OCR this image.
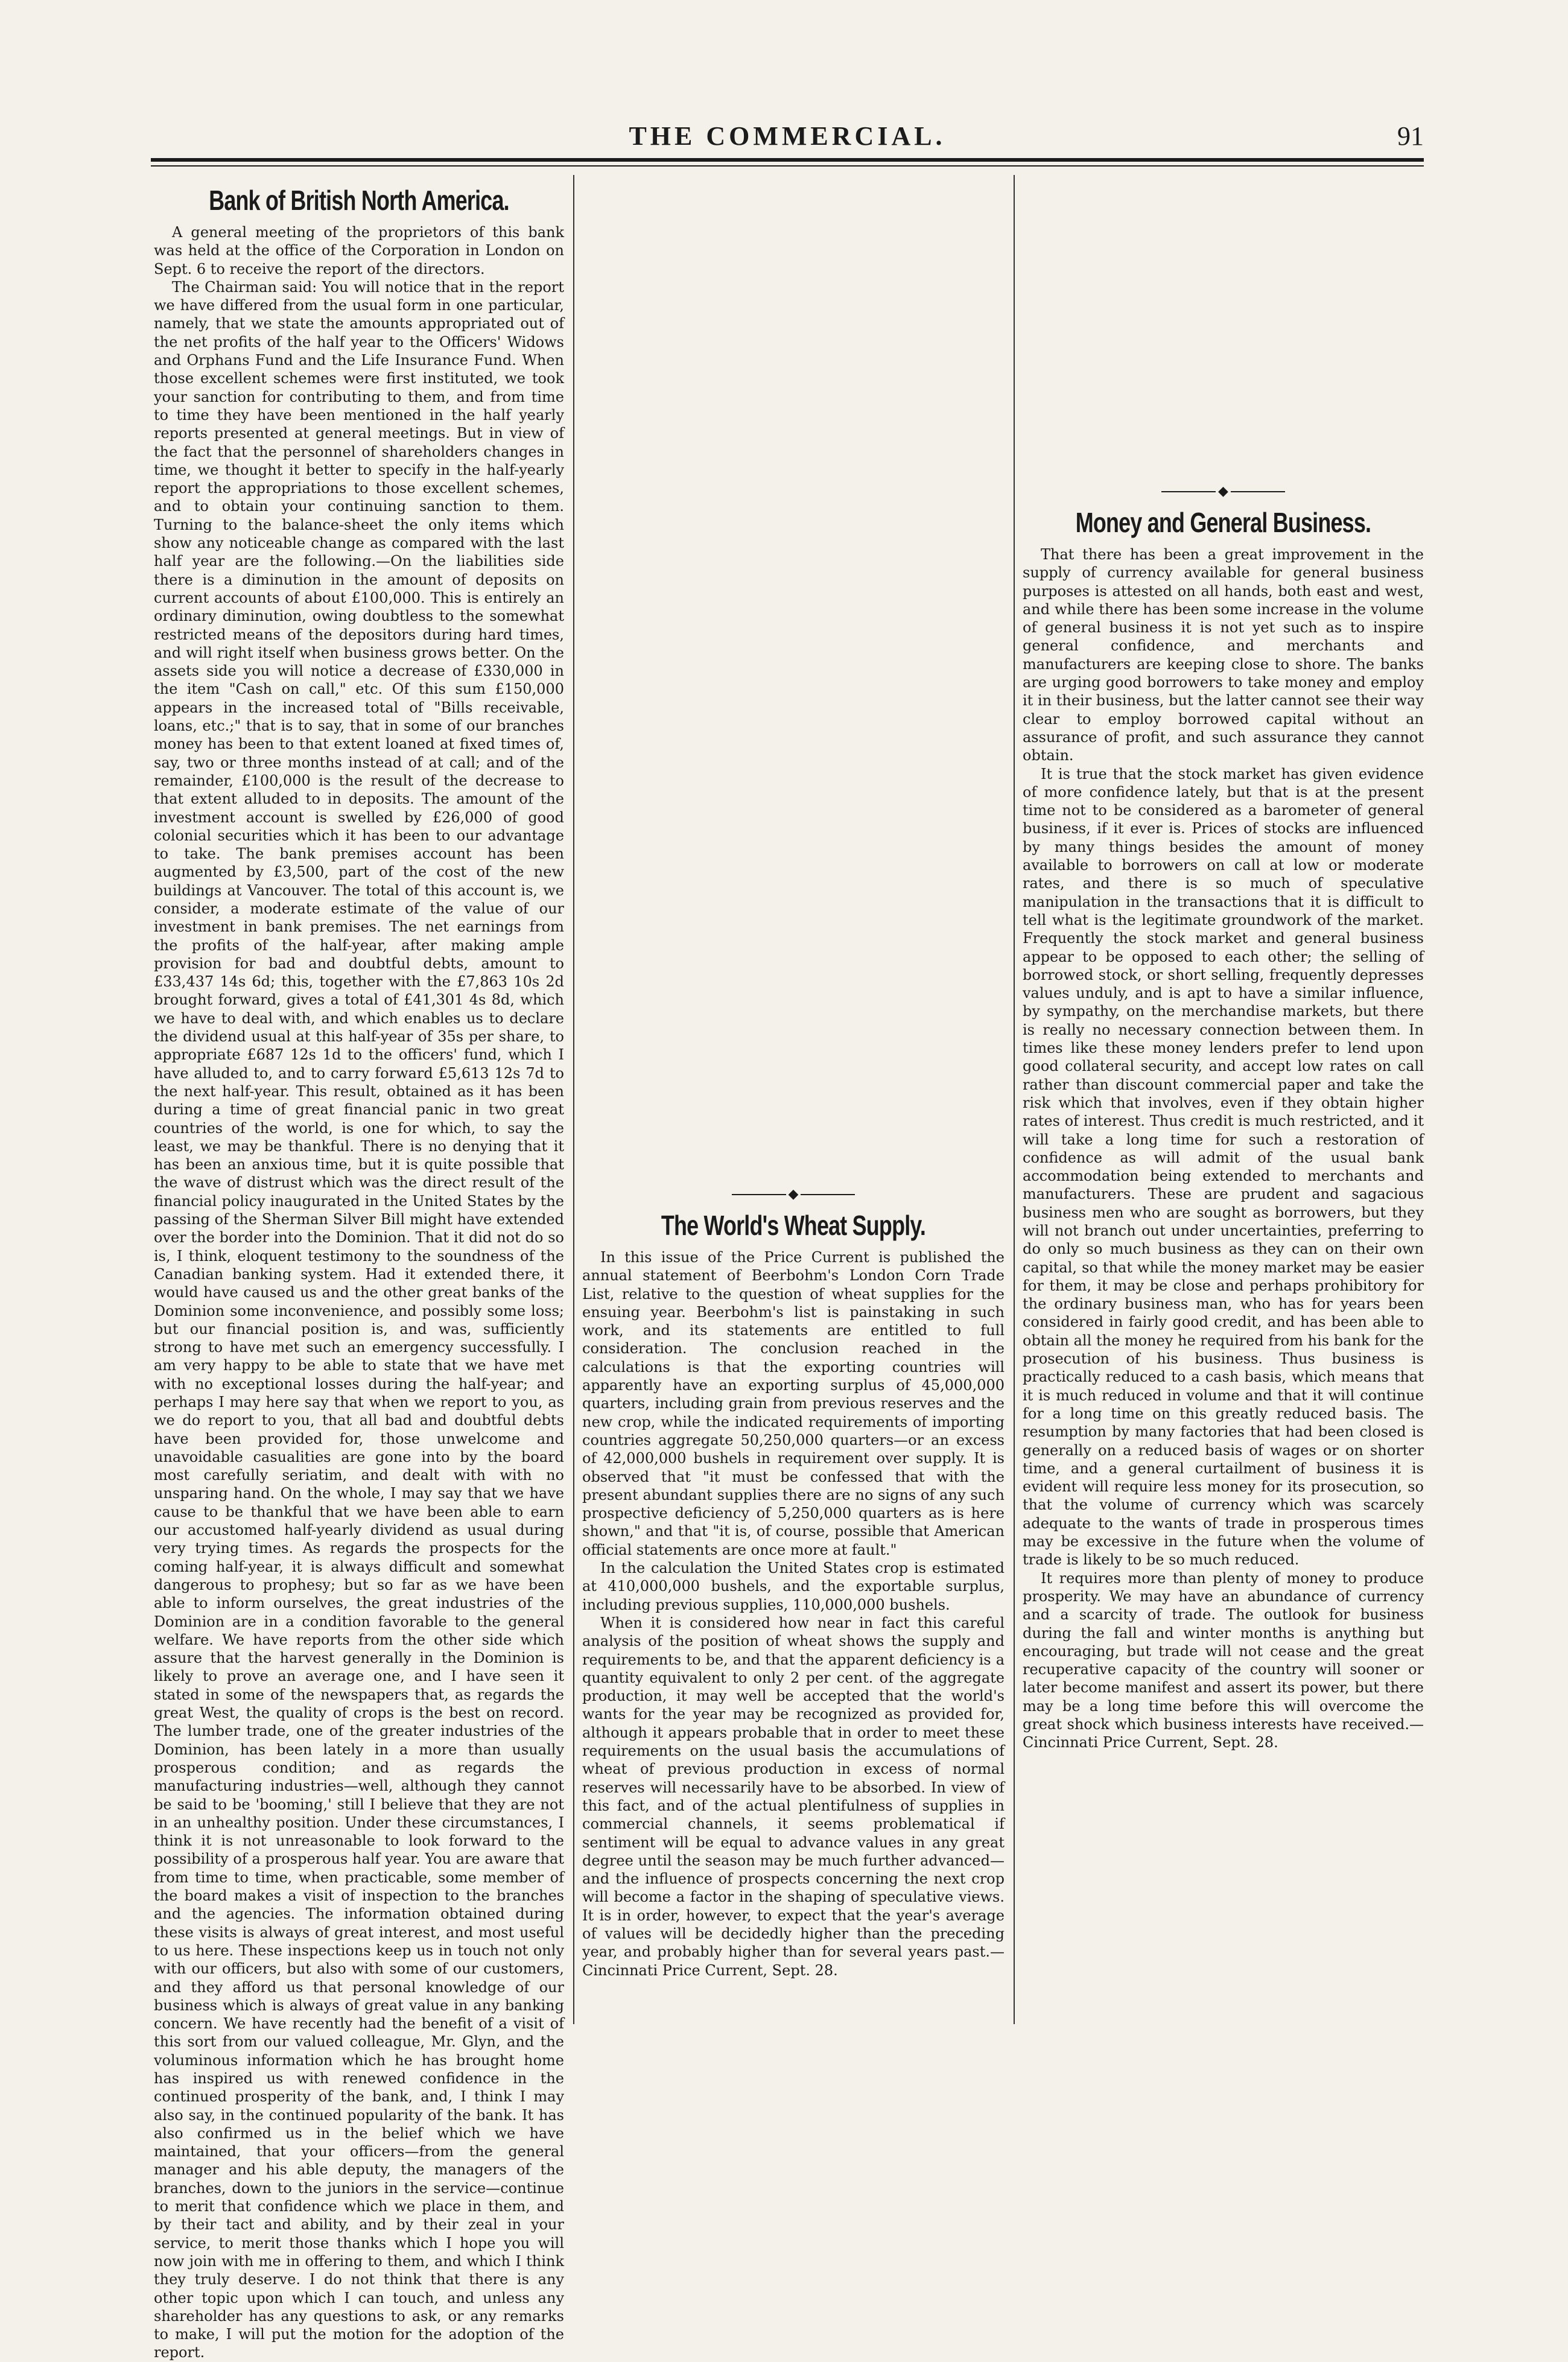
THE COMMERCIAL.	91
Bank of British North America.

A general meeting of the proprietors of this bank was held at the office of the Corporation in London on Sept. 6 to receive the report of the directors.

The Chairman said: You will notice that in the report we have differed from the usual form in one particular, namely, that we state the amounts appropriated out of the net profits of the half year to the Officers' Widows and Orphans Fund and the Life Insurance Fund. When those excellent schemes were first instituted, we took your sanction for contributing to them, and from time to time they have been mentioned in the half yearly reports presented at general meetings. But in view of the fact that the personnel of shareholders changes in time, we thought it better to specify in the half-yearly report the appropriations to those excellent schemes, and to obtain your continuing sanction to them. Turning to the balance-sheet the only items which show any noticeable change as compared with the last half year are the following.—On the liabilities side there is a diminution in the amount of deposits on current accounts of about £100,000. This is entirely an ordinary diminution, owing doubtless to the somewhat restricted means of the depositors during hard times, and will right itself when business grows better. On the assets side you will notice a decrease of £330,000 in the item "Cash on call," etc. Of this sum £150,000 appears in the increased total of "Bills receivable, loans, etc.;" that is to say, that in some of our branches money has been to that extent loaned at fixed times of, say, two or three months instead of at call; and of the remainder, £100,000 is the result of the decrease to that extent alluded to in deposits. The amount of the investment account is swelled by £26,000 of good colonial securities which it has been to our advantage to take. The bank premises account has been augmented by £3,500, part of the cost of the new buildings at Vancouver. The total of this account is, we consider, a moderate estimate of the value of our investment in bank premises. The net earnings from the profits of the half-year, after making ample provision for bad and doubtful debts, amount to £33,437 14s 6d; this, together with the £7,863 10s 2d brought forward, gives a total of £41,301 4s 8d, which we have to deal with, and which enables us to declare the dividend usual at this half-year of 35s per share, to appropriate £687 12s 1d to the officers' fund, which I have alluded to, and to carry forward £5,613 12s 7d to the next half-year. This result, obtained as it has been during a time of great financial panic in two great countries of the world, is one for which, to say the least, we may be thankful. There is no denying that it has been an anxious time, but it is quite possible that the wave of distrust which was the direct result of the financial policy inaugurated in the United States by the passing of the Sherman Silver Bill might have extended over the border into the Dominion. That it did not do so is, I think, eloquent testimony to the soundness of the Canadian banking system. Had it extended there, it would have caused us and the other great banks of the Dominion some inconvenience, and possibly some loss; but our financial position is, and was, sufficiently strong to have met such an emergency successfully. I am very happy to be able to state that we have met with no exceptional losses during the half-year; and perhaps I may here say that when we report to you, as we do report to you, that all bad and doubtful debts have been provided for, those unwelcome and unavoidable casualities are gone into by the board most carefully seriatim, and dealt with with no unsparing hand. On the whole, I may say that we have cause to be thankful that we have been able to earn our accustomed half-yearly dividend as usual during very trying times. As regards the prospects for the coming half-year, it is always difficult and somewhat dangerous to prophesy; but so far as we have been able to inform ourselves, the great industries of the Dominion are in a condition favorable to the general welfare. We have reports from the other side which assure that the harvest generally in the Dominion is likely to prove an average one, and I have seen it stated in some of the newspapers that, as regards the great West, the quality of crops is the best on record. The lumber trade, one of the greater industries of the Dominion, has been lately in a more than usually prosperous condition; and as regards the manufacturing industries—well, although they cannot be said to be 'booming,' still I believe that they are not in an unhealthy position. Under these circumstances, I think it is not unreasonable to look forward to the possibility of a prosperous half year. You are aware that from time to time, when practicable, some member of the board makes a visit of inspection to the branches and the agencies. The information obtained during these visits is always of great interest, and most useful to us here. These inspections keep us in touch not only with our officers, but also with some of our customers, and they afford us that personal knowledge of our business which is always of great value in any banking concern. We have recently had the benefit of a visit of this sort from our valued colleague, Mr. Glyn, and the voluminous information which he has brought home has inspired us with renewed confidence in the continued prosperity of the bank, and, I think I may also say, in the continued popularity of the bank. It has also confirmed us in the belief which we have maintained, that your officers—from the general manager and his able deputy, the managers of the branches, down to the juniors in the service—continue to merit that confidence which we place in them, and by their tact and ability, and by their zeal in your service, to merit those thanks which I hope you will now join with me in offering to them, and which I think they truly deserve. I do not think that there is any other topic upon which I can touch, and unless any shareholder has any questions to ask, or any remarks to make, I will put the motion for the adoption of the report.

◆
The World's Wheat Supply.

In this issue of the Price Current is published the annual statement of Beerbohm's London Corn Trade List, relative to the question of wheat supplies for the ensuing year. Beerbohm's list is painstaking in such work, and its statements are entitled to full consideration. The conclusion reached in the calculations is that the exporting countries will apparently have an exporting surplus of 45,000,000 quarters, including grain from previous reserves and the new crop, while the indicated requirements of importing countries aggregate 50,250,000 quarters—or an excess of 42,000,000 bushels in requirement over supply. It is observed that "it must be confessed that with the present abundant supplies there are no signs of any such prospective deficiency of 5,250,000 quarters as is here shown," and that "it is, of course, possible that American official statements are once more at fault."

In the calculation the United States crop is estimated at 410,000,000 bushels, and the exportable surplus, including previous supplies, 110,000,000 bushels.

When it is considered how near in fact this careful analysis of the position of wheat shows the supply and requirements to be, and that the apparent deficiency is a quantity equivalent to only 2 per cent. of the aggregate production, it may well be accepted that the world's wants for the year may be recognized as provided for, although it appears probable that in order to meet these requirements on the usual basis the accumulations of wheat of previous production in excess of normal reserves will necessarily have to be absorbed. In view of this fact, and of the actual plentifulness of supplies in commercial channels, it seems problematical if sentiment will be equal to advance values in any great degree until the season may be much further advanced—and the influence of prospects concerning the next crop will become a factor in the shaping of speculative views. It is in order, however, to expect that the year's average of values will be decidedly higher than the preceding year, and probably higher than for several years past.—Cincinnati Price Current, Sept. 28.

◆
Money and General Business.

That there has been a great improvement in the supply of currency available for general business purposes is attested on all hands, both east and west, and while there has been some increase in the volume of general business it is not yet such as to inspire general confidence, and merchants and manufacturers are keeping close to shore. The banks are urging good borrowers to take money and employ it in their business, but the latter cannot see their way clear to employ borrowed capital without an assurance of profit, and such assurance they cannot obtain.

It is true that the stock market has given evidence of more confidence lately, but that is at the present time not to be considered as a barometer of general business, if it ever is. Prices of stocks are influenced by many things besides the amount of money available to borrowers on call at low or moderate rates, and there is so much of speculative manipulation in the transactions that it is difficult to tell what is the legitimate groundwork of the market. Frequently the stock market and general business appear to be opposed to each other; the selling of borrowed stock, or short selling, frequently depresses values unduly, and is apt to have a similar influence, by sympathy, on the merchandise markets, but there is really no necessary connection between them. In times like these money lenders prefer to lend upon good collateral security, and accept low rates on call rather than discount commercial paper and take the risk which that involves, even if they obtain higher rates of interest. Thus credit is much restricted, and it will take a long time for such a restoration of confidence as will admit of the usual bank accommodation being extended to merchants and manufacturers. These are prudent and sagacious business men who are sought as borrowers, but they will not branch out under uncertainties, preferring to do only so much business as they can on their own capital, so that while the money market may be easier for them, it may be close and perhaps prohibitory for the ordinary business man, who has for years been considered in fairly good credit, and has been able to obtain all the money he required from his bank for the prosecution of his business. Thus business is practically reduced to a cash basis, which means that it is much reduced in volume and that it will continue for a long time on this greatly reduced basis. The resumption by many factories that had been closed is generally on a reduced basis of wages or on shorter time, and a general curtailment of business it is evident will require less money for its prosecution, so that the volume of currency which was scarcely adequate to the wants of trade in prosperous times may be excessive in the future when the volume of trade is likely to be so much reduced.

It requires more than plenty of money to produce prosperity. We may have an abundance of currency and a scarcity of trade. The outlook for business during the fall and winter months is anything but encouraging, but trade will not cease and the great recuperative capacity of the country will sooner or later become manifest and assert its power, but there may be a long time before this will overcome the great shock which business interests have received.—Cincinnati Price Current, Sept. 28.
